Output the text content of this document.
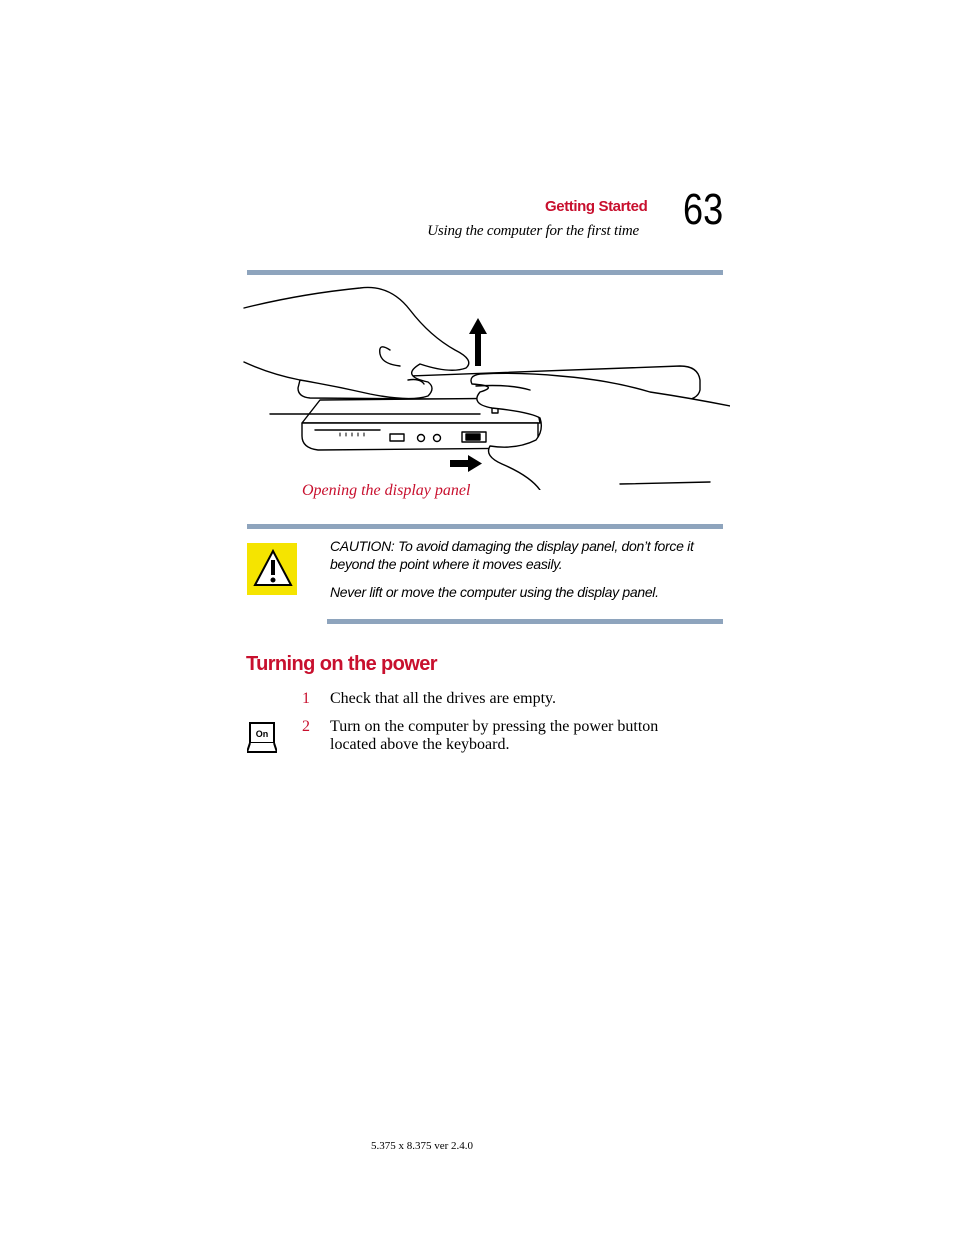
Getting Started
Using the computer for the first time 63
Opening the display panel

CAUTION: To avoid damaging the display panel, don’t force it beyond the point where it moves easily.

Never lift or move the computer using the display panel.

Turning on the power
1 Check that all the drives are empty.
On 2 Turn on the computer by pressing the power button located above the keyboard.
5.375 x 8.375 ver 2.4.0
